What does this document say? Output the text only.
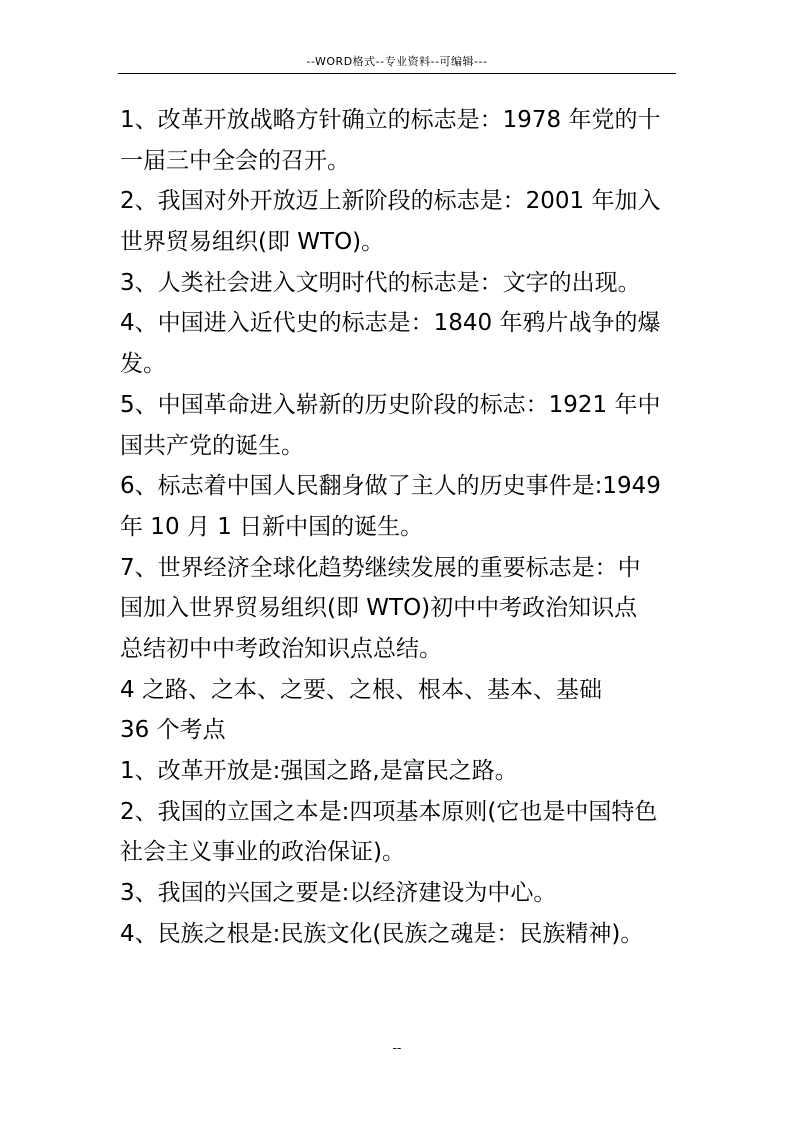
--WORD格式--专业资料--可编辑---
1、改革开放战略方针确立的标志是：1978 年党的十
一届三中全会的召开。
2、我国对外开放迈上新阶段的标志是：2001 年加入
世界贸易组织(即 WTO)。
3、人类社会进入文明时代的标志是：文字的出现。
4、中国进入近代史的标志是：1840 年鸦片战争的爆
发。
5、中国革命进入崭新的历史阶段的标志：1921 年中
国共产党的诞生。
6、标志着中国人民翻身做了主人的历史事件是:1949
年 10 月 1 日新中国的诞生。
7、世界经济全球化趋势继续发展的重要标志是：中
国加入世界贸易组织(即 WTO)初中中考政治知识点
总结初中中考政治知识点总结。
4 之路、之本、之要、之根、根本、基本、基础
36 个考点
1、改革开放是:强国之路,是富民之路。
2、我国的立国之本是:四项基本原则(它也是中国特色
社会主义事业的政治保证)。
3、我国的兴国之要是:以经济建设为中心。
4、民族之根是:民族文化(民族之魂是：民族精神)。
--
